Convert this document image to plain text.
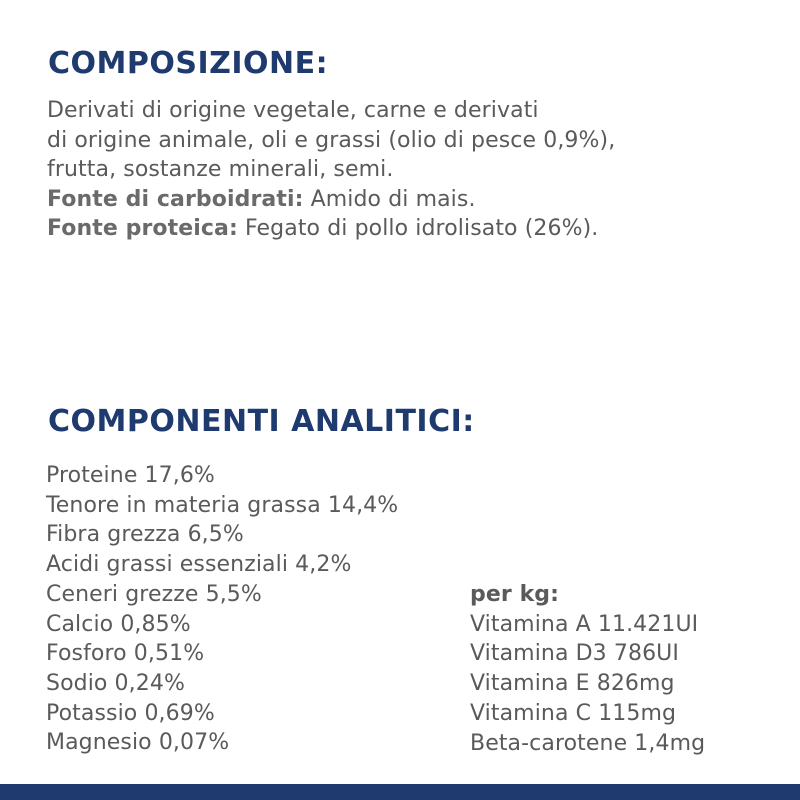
COMPOSIZIONE:
Derivati di origine vegetale, carne e derivati
di origine animale, oli e grassi (olio di pesce 0,9%),
frutta, sostanze minerali, semi.
Fonte di carboidrati: Amido di mais.
Fonte proteica: Fegato di pollo idrolisato (26%).
COMPONENTI ANALITICI:
Proteine 17,6%
Tenore in materia grassa 14,4%
Fibra grezza 6,5%
Acidi grassi essenziali 4,2%
Ceneri grezze 5,5%
Calcio 0,85%
Fosforo 0,51%
Sodio 0,24%
Potassio 0,69%
Magnesio 0,07%
per kg:
Vitamina A 11.421UI
Vitamina D3 786UI
Vitamina E 826mg
Vitamina C 115mg
Beta-carotene 1,4mg
